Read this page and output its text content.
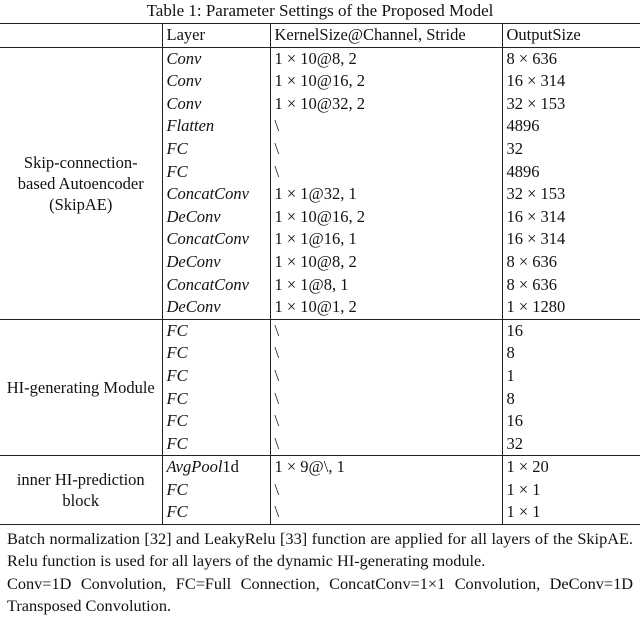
Table 1: Parameter Settings of the Proposed Model
	Layer	KernelSize@Channel, Stride	OutputSize
Skip-connection-based Autoencoder (SkipAE)	Conv	1 × 10@8, 2	8 × 636
	Conv	1 × 10@16, 2	16 × 314
	Conv	1 × 10@32, 2	32 × 153
	Flatten	\	4896
	FC	\	32
	FC	\	4896
	ConcatConv	1 × 1@32, 1	32 × 153
	DeConv	1 × 10@16, 2	16 × 314
	ConcatConv	1 × 1@16, 1	16 × 314
	DeConv	1 × 10@8, 2	8 × 636
	ConcatConv	1 × 1@8, 1	8 × 636
	DeConv	1 × 10@1, 2	1 × 1280
HI-generating Module	FC	\	16
	FC	\	8
	FC	\	1
	FC	\	8
	FC	\	16
	FC	\	32
inner HI-prediction block	AvgPool1d	1 × 9@\, 1	1 × 20
	FC	\	1 × 1
	FC	\	1 × 1

Batch normalization [32] and LeakyRelu [33] function are applied for all layers of the SkipAE. Relu function is used for all layers of the dynamic HI-generating module.

Conv=1D Convolution, FC=Full Connection, ConcatConv=1×1 Convolution, DeConv=1D Transposed Convolution.
